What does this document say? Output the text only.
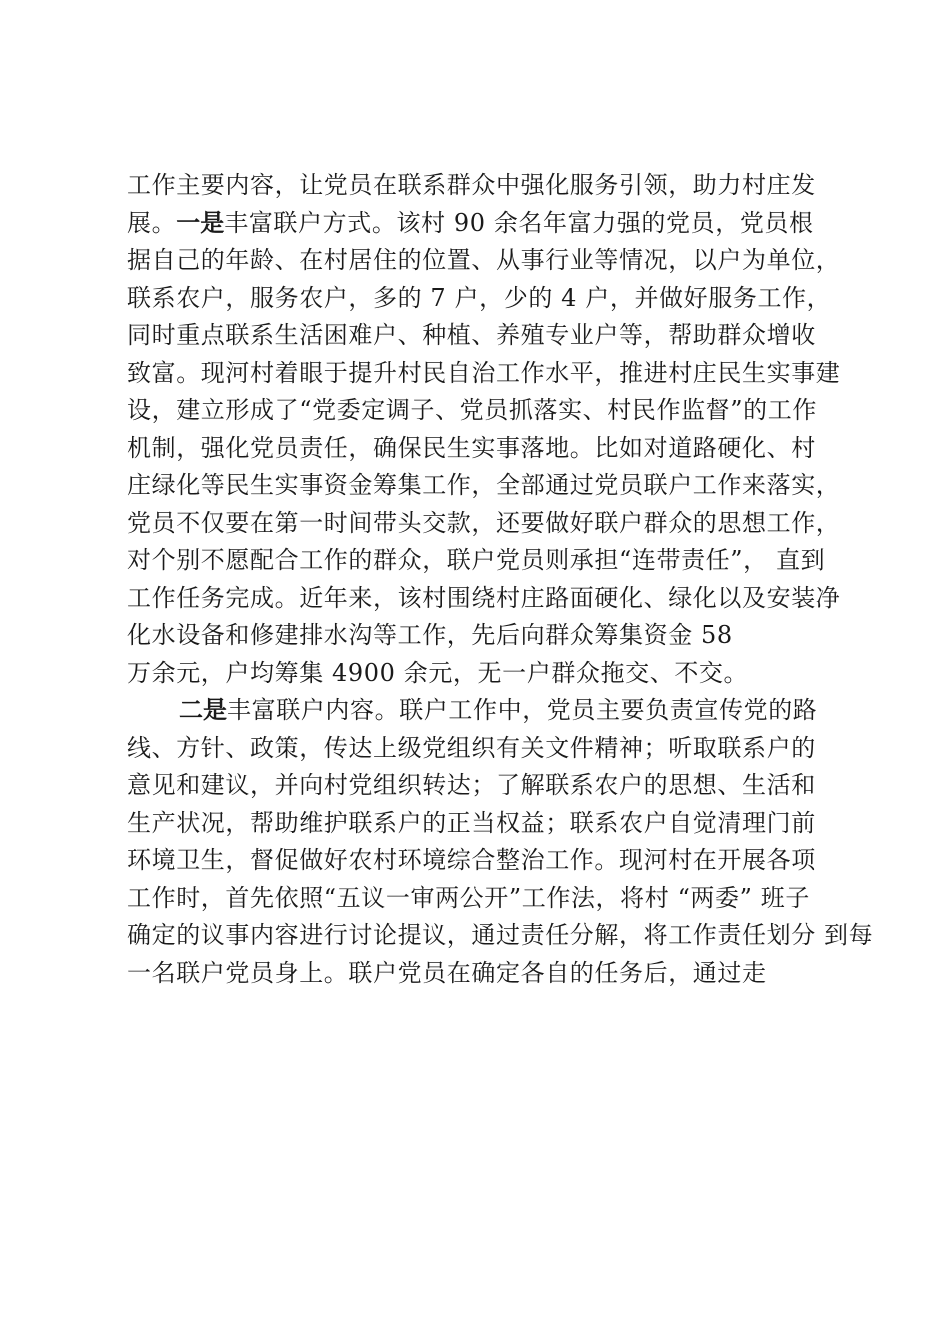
工作主要内容，让党员在联系群众中强化服务引领，助力村庄发
展。一是丰富联户方式。该村 90 余名年富力强的党员，党员根
据自己的年龄、在村居住的位置、从事行业等情况，以户为单位，
联系农户，服务农户，多的 7 户，少的 4 户，并做好服务工作，
同时重点联系生活困难户、种植、养殖专业户等，帮助群众增收
致富。现河村着眼于提升村民自治工作水平，推进村庄民生实事建
设，建立形成了“党委定调子、党员抓落实、村民作监督”的工作
机制，强化党员责任，确保民生实事落地。比如对道路硬化、村
庄绿化等民生实事资金筹集工作，全部通过党员联户工作来落实，
党员不仅要在第一时间带头交款，还要做好联户群众的思想工作，
对个别不愿配合工作的群众，联户党员则承担“连带责任”， 直到
工作任务完成。近年来，该村围绕村庄路面硬化、绿化以及安装净
化水设备和修建排水沟等工作，先后向群众筹集资金 58
万余元，户均筹集 4900 余元，无一户群众拖交、不交。
二是丰富联户内容。联户工作中，党员主要负责宣传党的路
线、方针、政策，传达上级党组织有关文件精神；听取联系户的
意见和建议，并向村党组织转达；了解联系农户的思想、生活和
生产状况，帮助维护联系户的正当权益；联系农户自觉清理门前
环境卫生，督促做好农村环境综合整治工作。现河村在开展各项
工作时，首先依照“五议一审两公开”工作法，将村 “两委” 班子
确定的议事内容进行讨论提议，通过责任分解，将工作责任划分 到每
一名联户党员身上。联户党员在确定各自的任务后，通过走
